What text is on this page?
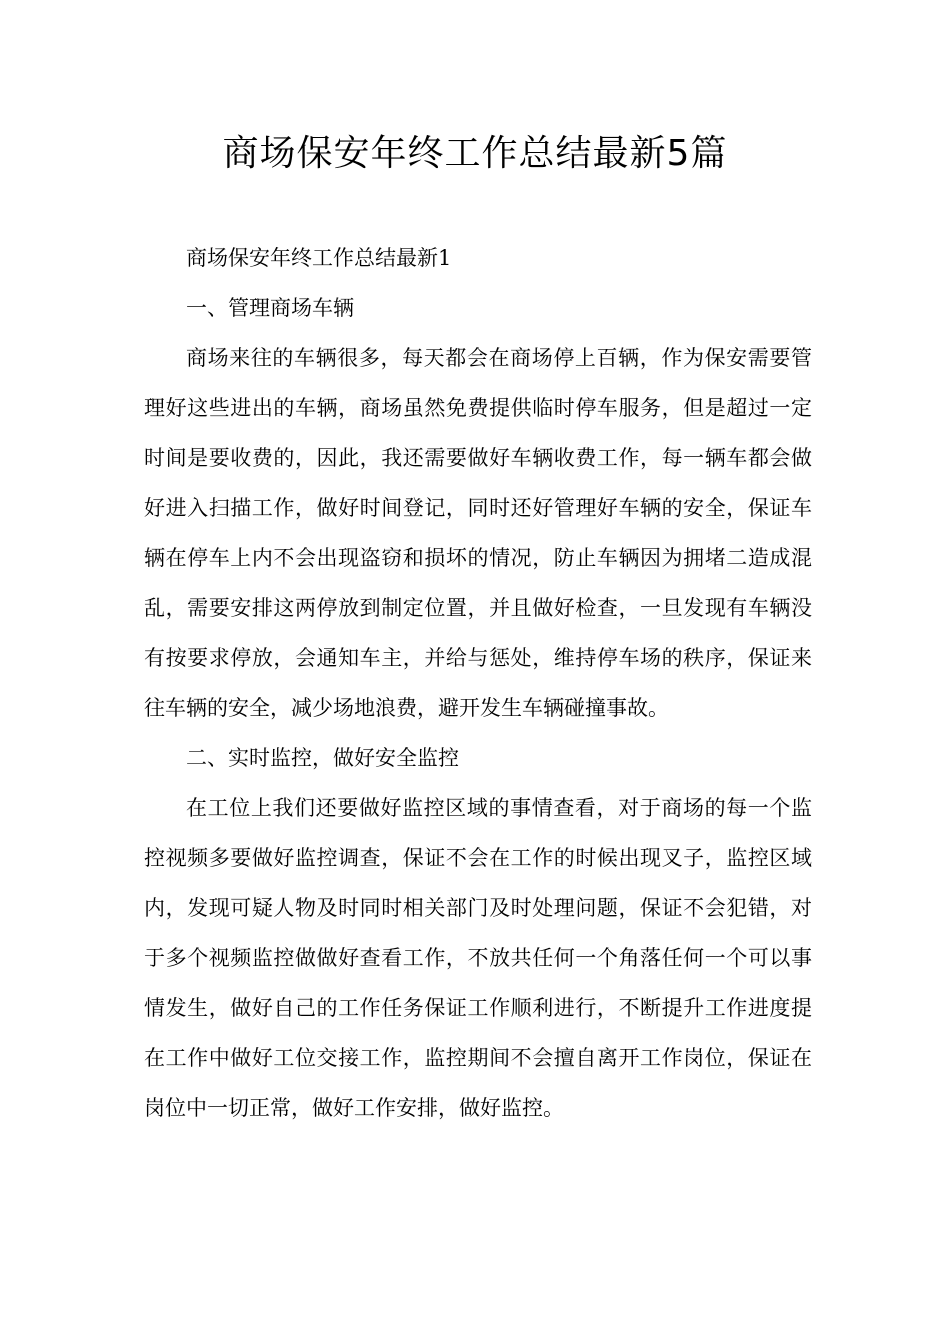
商场保安年终工作总结最新5篇

商场保安年终工作总结最新1

一、管理商场车辆

商场来往的车辆很多，每天都会在商场停上百辆，作为保安需要管理好这些进出的车辆，商场虽然免费提供临时停车服务，但是超过一定时间是要收费的，因此，我还需要做好车辆收费工作，每一辆车都会做好进入扫描工作，做好时间登记，同时还好管理好车辆的安全，保证车辆在停车上内不会出现盗窃和损坏的情况，防止车辆因为拥堵二造成混乱，需要安排这两停放到制定位置，并且做好检查，一旦发现有车辆没有按要求停放，会通知车主，并给与惩处，维持停车场的秩序，保证来往车辆的安全，减少场地浪费，避开发生车辆碰撞事故。

二、实时监控，做好安全监控

在工位上我们还要做好监控区域的事情查看，对于商场的每一个监控视频多要做好监控调查，保证不会在工作的时候出现叉子，监控区域内，发现可疑人物及时同时相关部门及时处理问题，保证不会犯错，对于多个视频监控做做好查看工作，不放共任何一个角落任何一个可以事情发生，做好自己的工作任务保证工作顺利进行，不断提升工作进度提在工作中做好工位交接工作，监控期间不会擅自离开工作岗位，保证在岗位中一切正常，做好工作安排，做好监控。
